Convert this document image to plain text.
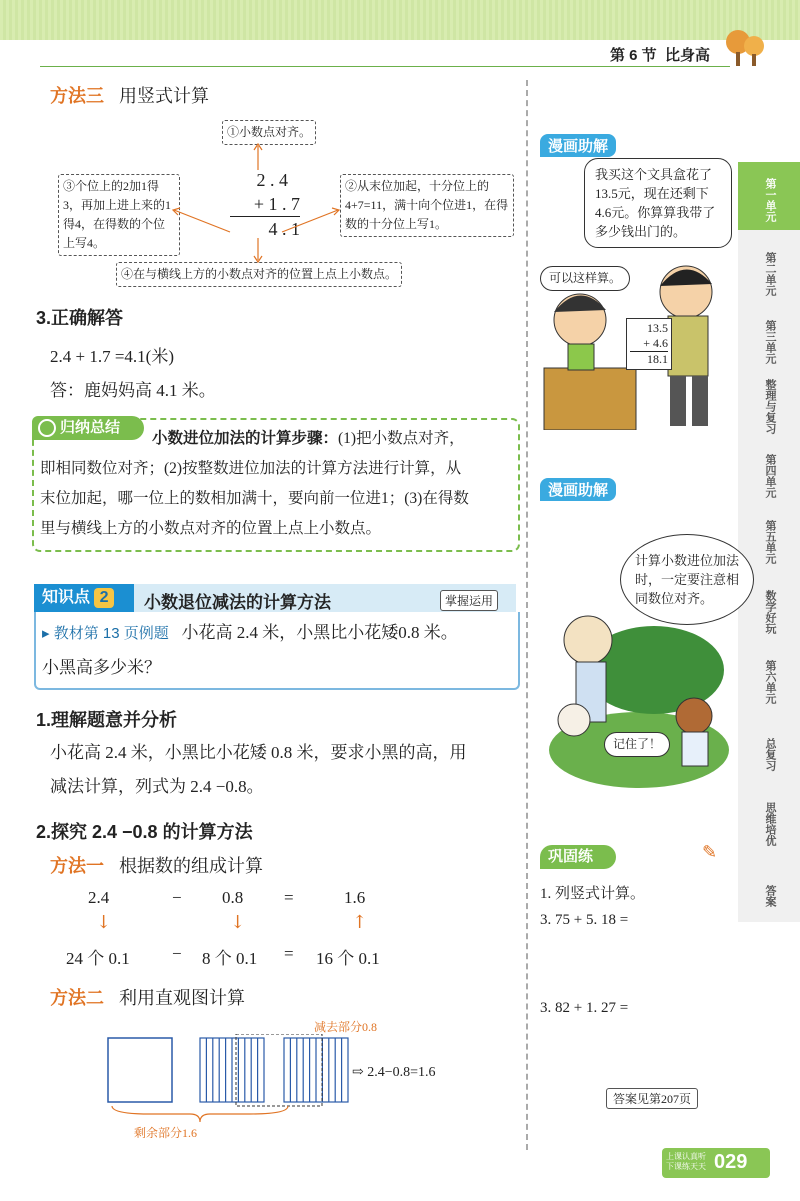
第 6 节 比身高
方法三 用竖式计算
①小数点对齐。
③个位上的2加1得3，再加上进上来的1得4，在得数的个位上写4。
②从末位加起，十分位上的4+7=11，满十向个位进1，在得数的十分位上写1。
④在与横线上方的小数点对齐的位置上点上小数点。
2 . 4
+ 1 . 7
4 . 1
3.正确解答
2.4 + 1.7 =4.1(米)
答：鹿妈妈高 4.1 米。
归纳总结
小数进位加法的计算步骤：(1)把小数点对齐，
即相同数位对齐；(2)按整数进位加法的计算方法进行计算，从
末位加起，哪一位上的数相加满十，要向前一位进1；(3)在得数
里与横线上方的小数点对齐的位置上点上小数点。
知识点 2	小数退位减法的计算方法	掌握运用
▸ 教材第 13 页例题 小花高 2.4 米，小黑比小花矮0.8 米。
小黑高多少米？
1.理解题意并分析
小花高 2.4 米，小黑比小花矮 0.8 米，要求小黑的高，用
减法计算，列式为 2.4 −0.8。
2.探究 2.4 −0.8 的计算方法
方法一 根据数的组成计算
2.4	− 0.8 =	1.6
↓	↓	↑
24 个 0.1 − 8 个 0.1 = 16 个 0.1
方法二 利用直观图计算
减去部分0.8
剩余部分1.6
⇨ 2.4−0.8=1.6
第一单元
第二单元
第三单元
整理与复习
第四单元
第五单元
数学好玩
第六单元
总复习
思维培优
答案
漫画助解
我买这个文具盒花了13.5元，现在还剩下4.6元。你算算我带了多少钱出门的。
可以这样算。
13.5
+ 4.6
18.1
漫画助解
计算小数进位加法时，一定要注意相同数位对齐。
记住了！
巩固练	✎
1. 列竖式计算。
3. 75 + 5. 18 =
3. 82 + 1. 27 =
答案见第207页
上课认真听
下课练天天 029
